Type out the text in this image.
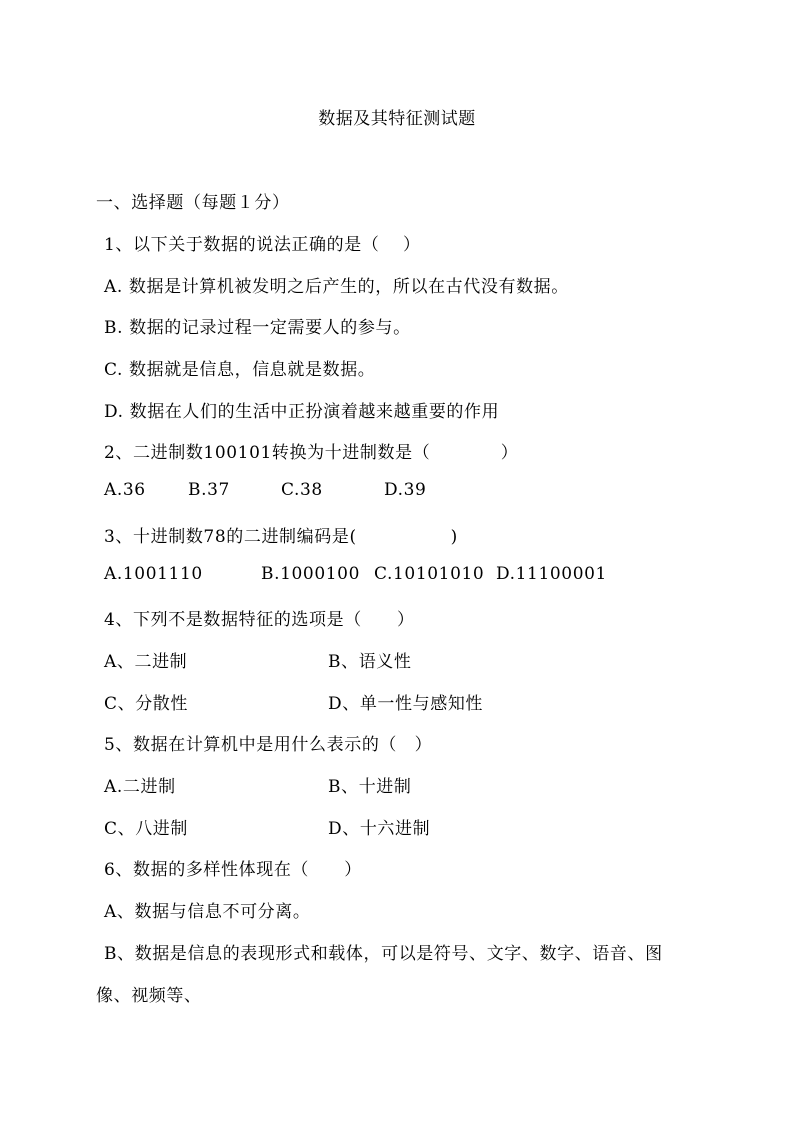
数据及其特征测试题
一、选择题（每题１分）
1、以下关于数据的说法正确的是（　 ）
A. 数据是计算机被发明之后产生的，所以在古代没有数据。
B. 数据的记录过程一定需要人的参与。
C. 数据就是信息，信息就是数据。
D. 数据在人们的生活中正扮演着越来越重要的作用
2、二进制数100101转换为十进制数是（　　　　）
A.36 B.37	C.38	D.39
3、十进制数78的二进制编码是(　　　　　 )
A.1001110	B.1000100 C.10101010 D.11100001
4、下列不是数据特征的选项是（　　）
A、二进制	B、语义性
C、分散性	D、单一性与感知性
5、数据在计算机中是用什么表示的（　）
A.二进制	B、十进制
C、八进制	D、十六进制
6、数据的多样性体现在（　　）
A、数据与信息不可分离。
B、数据是信息的表现形式和载体，可以是符号、文字、数字、语音、图
像、视频等、
